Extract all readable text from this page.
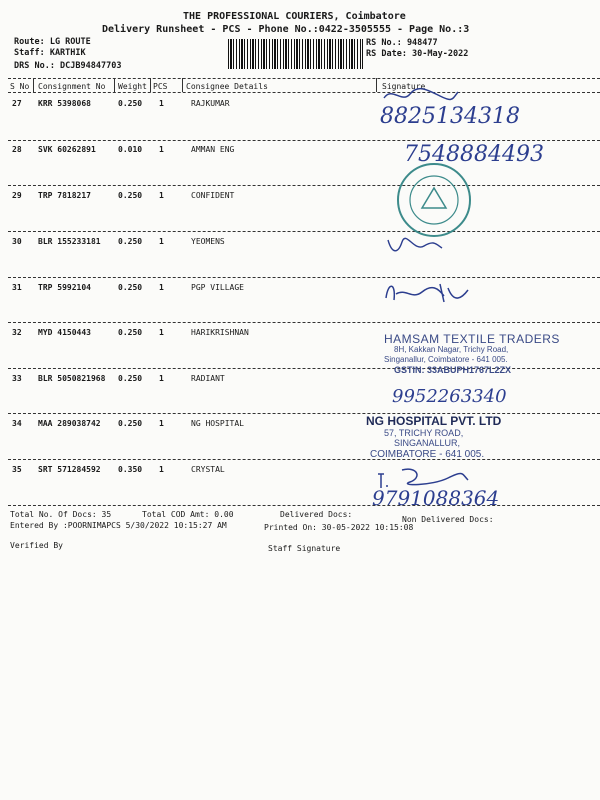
THE PROFESSIONAL COURIERS, Coimbatore
Delivery Runsheet - PCS - Phone No.:0422-3505555 - Page No.:3
Route: LG ROUTE
Staff: KARTHIK
DRS No.: DCJB94847703
RS No.: 948477
RS Date: 30-May-2022
S No Consignment No Weight PCS Consignee Details	Signature
27 KRR 5398068	0.250 1	RAJKUMAR
28 SVK 60262891	0.010 1	AMMAN ENG
29 TRP 7818217	0.250 1	CONFIDENT
30 BLR 155233181 0.250 1	YEOMENS
31 TRP 5992104	0.250 1	PGP VILLAGE
32 MYD 4150443	0.250 1	HARIKRISHNAN
33 BLR 5050821968 0.250 1	RADIANT
34 MAA 289038742 0.250 1	NG HOSPITAL
35 SRT 571284592 0.350 1	CRYSTAL
8825134318
7548884493
HAMSAM TEXTILE TRADERS
8H, Kakkan Nagar, Trichy Road,
Singanallur, Coimbatore - 641 005.
GSTIN: 33ABUPH1767L2ZX
9952263340
NG HOSPITAL PVT. LTD
57, TRICHY ROAD,
SINGANALLUR,
COIMBATORE - 641 005.
9791088364
Total No. Of Docs: 35	Total COD Amt: 0.00	Delivered Docs:
Non Delivered Docs:
Entered By :POORNIMAPCS 5/30/2022 10:15:27 AM	Printed On: 30-05-2022 10:15:08
Verified By	Staff Signature
